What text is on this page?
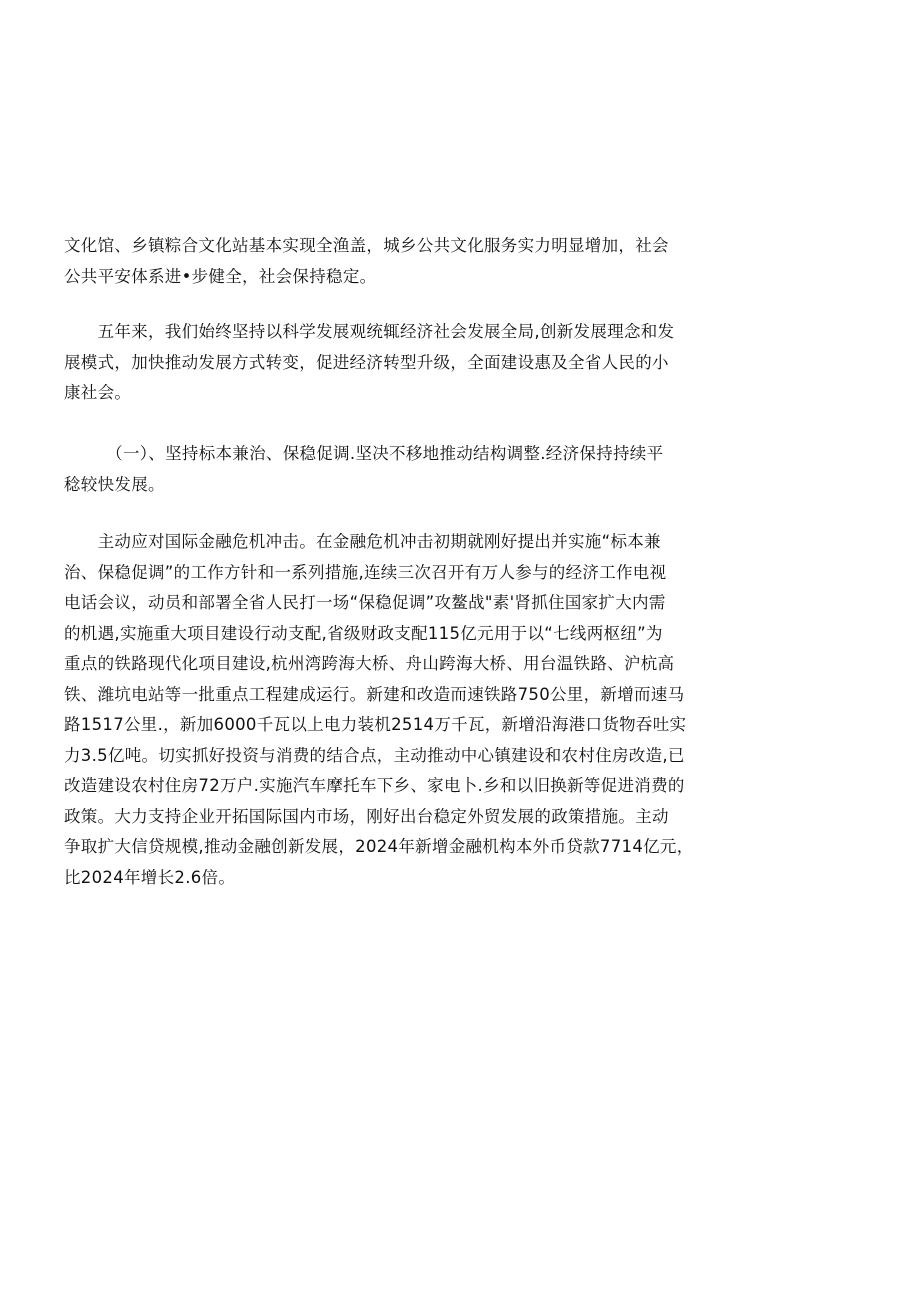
文化馆、乡镇粽合文化站基本实现全渔盖，城乡公共文化服务实力明显增加，社会
公共平安体系进•步健全，社会保持稳定。

　　五年来，我们始终坚持以科学发展观统辄经济社会发展全局,创新发展理念和发
展模式，加快推动发展方式转变，促进经济转型升级，全面建设惠及全省人民的小
康社会。

　　　（一）、坚持标本兼治、保稳促调.坚决不移地推动结构调整.经济保持持续平
稔较快发展。

　　主动应对国际金融危机冲击。在金融危机冲击初期就刚好提出并实施“标本兼
治、保稳促调”的工作方针和一系列措施,连续三次召开有万人参与的经济工作电视
电话会议，动员和部署全省人民打一场“保稳促调”攻鳌战"素'肾抓住国家扩大内需
的机遇,实施重大项目建设行动支配,省级财政支配115亿元用于以“七线两枢纽”为
重点的铁路现代化项目建设,杭州湾跨海大桥、舟山跨海大桥、用台温铁路、沪杭高
铁、潍坑电站等一批重点工程建成运行。新建和改造而速铁路750公里，新增而速马
路1517公里.，新加6000千瓦以上电力装机2514万千瓦，新增沿海港口货物吞吐实
力3.5亿吨。切实抓好投资与消费的结合点，主动推动中心镇建设和农村住房改造,已
改造建设农村住房72万户.实施汽车摩托车下乡、家电卜.乡和以旧换新等促进消费的
政策。大力支持企业开拓国际国内市场，刚好出台稳定外贸发展的政策措施。主动
争取扩大信贷规模,推动金融创新发展，2024年新增金融机构本外币贷款7714亿元，
比2024年增长2.6倍。
